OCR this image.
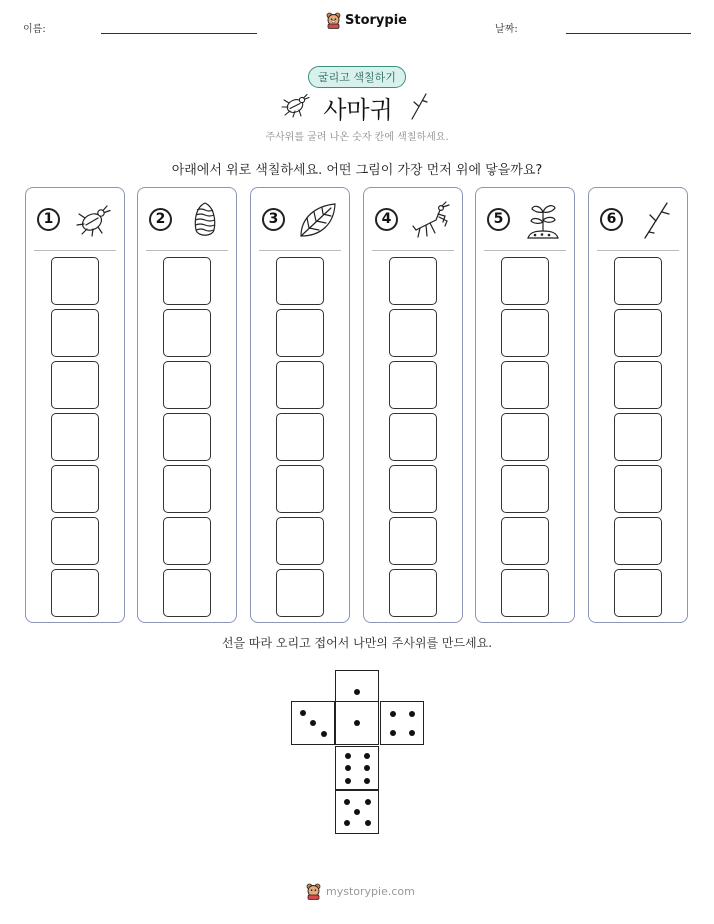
이름:
Storypie
날짜:
굴리고 색칠하기
사마귀
주사위를 굴려 나온 숫자 칸에 색칠하세요.
아래에서 위로 색칠하세요. 어떤 그림이 가장 먼저 위에 닿을까요?
1	2	3	4	5	6
선을 따라 오리고 접어서 나만의 주사위를 만드세요.
mystorypie.com
